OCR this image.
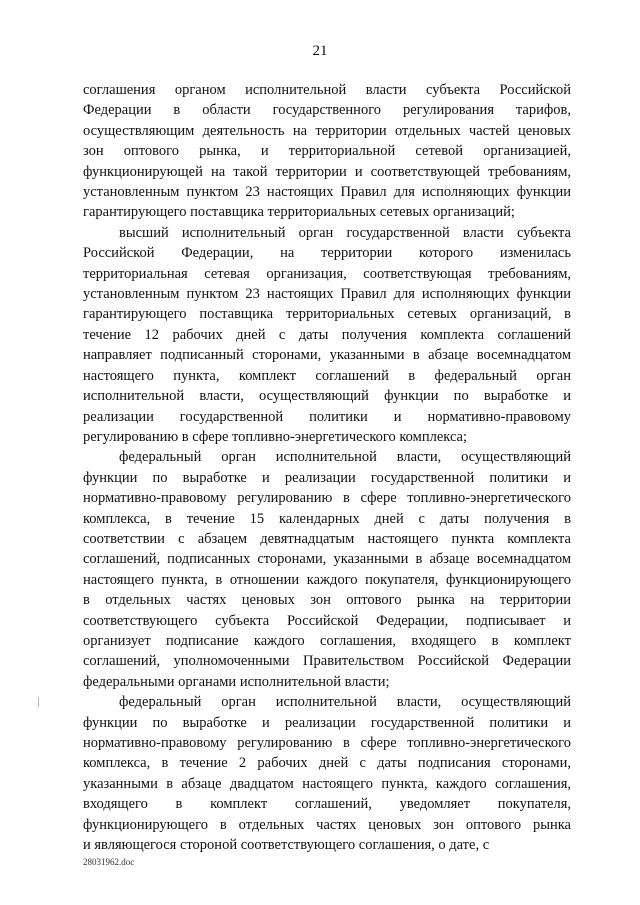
21

соглашения органом исполнительной власти субъекта Российской
Федерации в области государственного регулирования тарифов,
осуществляющим деятельность на территории отдельных частей ценовых
зон оптового рынка, и территориальной сетевой организацией,
функционирующей на такой территории и соответствующей требованиям,
установленным пунктом 23 настоящих Правил для исполняющих функции
гарантирующего поставщика территориальных сетевых организаций;

высший исполнительный орган государственной власти субъекта
Российской Федерации, на территории которого изменилась
территориальная сетевая организация, соответствующая требованиям,
установленным пунктом 23 настоящих Правил для исполняющих функции
гарантирующего поставщика территориальных сетевых организаций, в
течение 12 рабочих дней с даты получения комплекта соглашений
направляет подписанный сторонами, указанными в абзаце восемнадцатом
настоящего пункта, комплект соглашений в федеральный орган
исполнительной власти, осуществляющий функции по выработке и
реализации государственной политики и нормативно-правовому
регулированию в сфере топливно-энергетического комплекса;

федеральный орган исполнительной власти, осуществляющий
функции по выработке и реализации государственной политики и
нормативно-правовому регулированию в сфере топливно-энергетического
комплекса, в течение 15 календарных дней с даты получения в
соответствии с абзацем девятнадцатым настоящего пункта комплекта
соглашений, подписанных сторонами, указанными в абзаце восемнадцатом
настоящего пункта, в отношении каждого покупателя, функционирующего
в отдельных частях ценовых зон оптового рынка на территории
соответствующего субъекта Российской Федерации, подписывает и
организует подписание каждого соглашения, входящего в комплект
соглашений, уполномоченными Правительством Российской Федерации
федеральными органами исполнительной власти;

федеральный орган исполнительной власти, осуществляющий
функции по выработке и реализации государственной политики и
нормативно-правовому регулированию в сфере топливно-энергетического
комплекса, в течение 2 рабочих дней с даты подписания сторонами,
указанными в абзаце двадцатом настоящего пункта, каждого соглашения,
входящего в комплект соглашений, уведомляет покупателя,
функционирующего в отдельных частях ценовых зон оптового рынка
и являющегося стороной соответствующего соглашения, о дате, с

28031962.doc
